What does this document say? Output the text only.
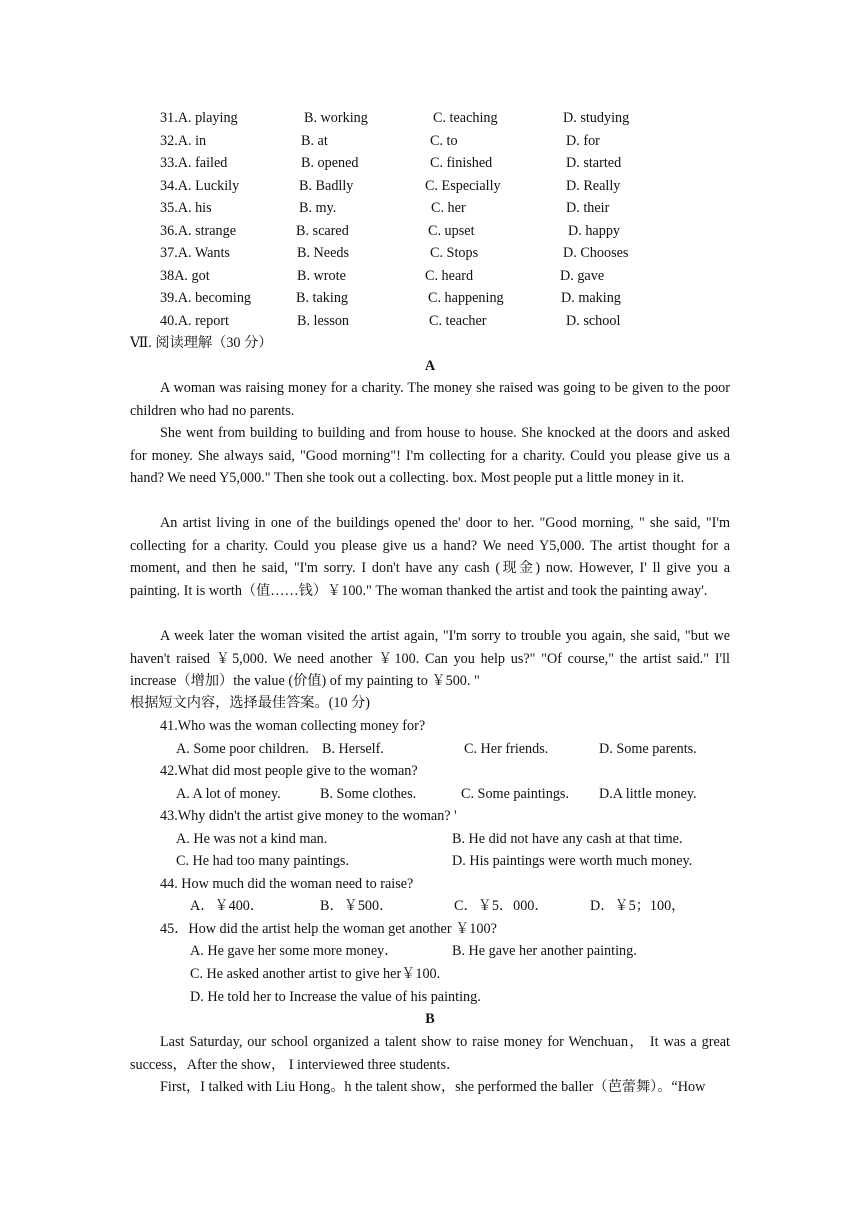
31.A. playing	B. working	C. teaching	D. studying
32.A. in	B. at	C. to	D. for
33.A. failed	B. opened	C. finished	D. started
34.A. Luckily	B. Badlly	C. Especially	D. Really
35.A. his	B. my.	C. her	D. their
36.A. strange	B. scared	C. upset	D. happy
37.A. Wants	B. Needs	C. Stops	D. Chooses
38A. got	B. wrote	C. heard	D. gave
39.A. becoming	B. taking	C. happening	D. making
40.A. report	B. lesson	C. teacher	D. school
Ⅶ. 阅读理解（30 分）
A

A woman was raising money for a charity. The money she raised was going to be given to the poor children who had no parents.

She went from building to building and from house to house. She knocked at the doors and asked for money. She always said, "Good morning"! I'm collecting for a charity. Could you please give us a hand? We need Y5,000." Then she took out a collecting. box. Most people put a little money in it.

An artist living in one of the buildings opened the' door to her. "Good morning, " she said, "I'm collecting for a charity. Could you please give us a hand? We need Y5,000. The artist thought for a moment, and then he said, "I'm sorry. I don't have any cash (现金) now. However, I' ll give you a painting. It is worth（值……钱）￥100." The woman thanked the artist and took the painting away'.

A week later the woman visited the artist again, "I'm sorry to trouble you again, she said, "but we haven't raised ￥5,000. We need another ￥100. Can you help us?" "Of course," the artist said." I'll increase（增加）the value (价值) of my painting to ￥500. "

根据短文内容，选择最佳答案。(10 分)
41.Who was the woman collecting money for?
A. Some poor children. B. Herself.	C. Her friends.	D. Some parents.
42.What did most people give to the woman?
A. A lot of money.	B. Some clothes.	C. Some paintings. D.A little money.
43.Why didn't the artist give money to the woman? '
A. He was not a kind man.	B. He did not have any cash at that time.
C. He had too many paintings.	D. His paintings were worth much money.
44. How much did the woman need to raise?
A．￥400．	B．￥500．	C．￥5．000．	D．￥5；100，
45．How did the artist help the woman get another ￥100?
A. He gave her some more money．	B. He gave her another painting.
C. He asked another artist to give her￥100.
D. He told her to Increase the value of his painting.
B

Last Saturday, our school organized a talent show to raise money for Wenchuan， It was a great success，After the show， I interviewed three students．

First，I talked with Liu Hong。h the talent show，she performed the baller（芭蕾舞）。“How
